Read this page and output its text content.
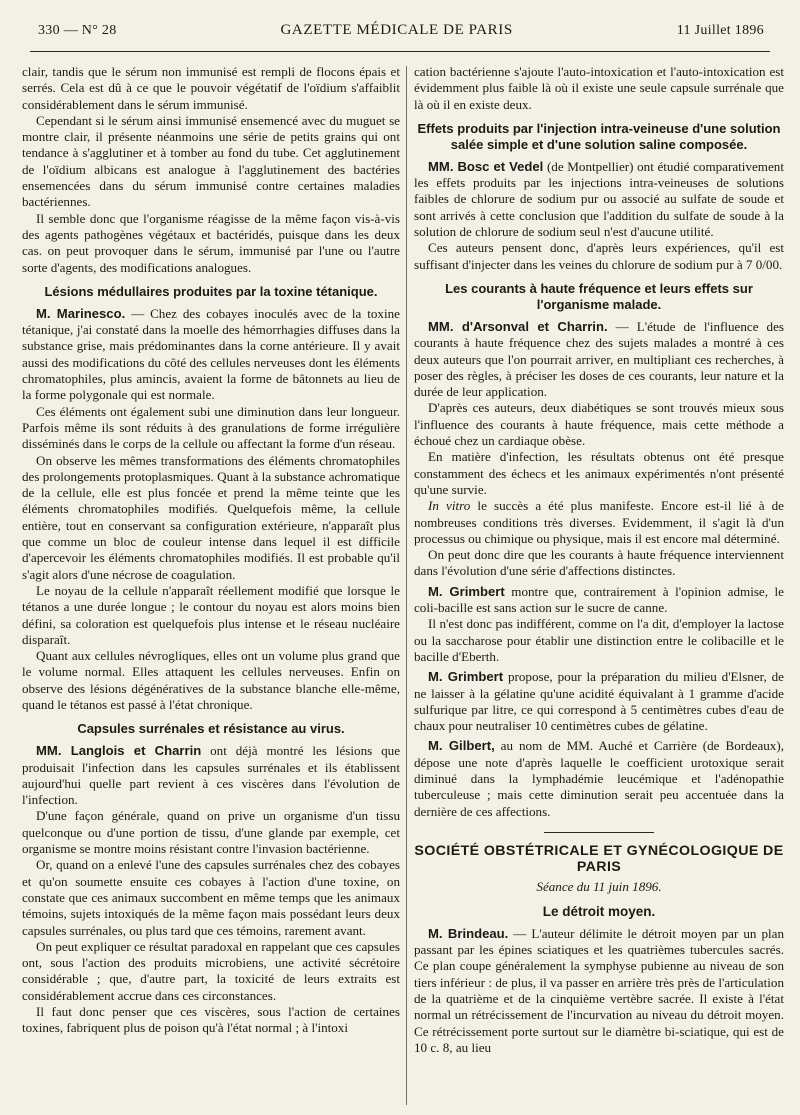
330 — N° 28	GAZETTE MÉDICALE DE PARIS	11 Juillet 1896

clair, tandis que le sérum non immunisé est rempli de flocons épais et serrés. Cela est dû à ce que le pouvoir végétatif de l'oïdium s'affaiblit considérablement dans le sérum immunisé.

Cependant si le sérum ainsi immunisé ensemencé avec du muguet se montre clair, il présente néanmoins une série de petits grains qui ont tendance à s'agglutiner et à tomber au fond du tube. Cet agglutinement de l'oïdium albicans est analogue à l'agglutinement des bactéries ensemencées dans du sérum immunisé contre certaines maladies bactériennes.

Il semble donc que l'organisme réagisse de la même façon vis-à-vis des agents pathogènes végétaux et bactéridés, puisque dans les deux cas. on peut provoquer dans le sérum, immunisé par l'une ou l'autre sorte d'agents, des modifications analogues.

Lésions médullaires produites par la toxine tétanique.

M. Marinesco. — Chez des cobayes inoculés avec de la toxine tétanique, j'ai constaté dans la moelle des hémorrhagies diffuses dans la substance grise, mais prédominantes dans la corne antérieure. Il y avait aussi des modifications du côté des cellules nerveuses dont les éléments chromatophiles, plus amincis, avaient la forme de bâtonnets au lieu de la forme polygonale qui est normale.

Ces éléments ont également subi une diminution dans leur longueur. Parfois même ils sont réduits à des granulations de forme irrégulière disséminés dans le corps de la cellule ou affectant la forme d'un réseau.

On observe les mêmes transformations des éléments chromatophiles des prolongements protoplasmiques. Quant à la substance achromatique de la cellule, elle est plus foncée et prend la même teinte que les éléments chromatophiles modifiés. Quelquefois même, la cellule entière, tout en conservant sa configuration extérieure, n'apparaît plus que comme un bloc de couleur intense dans lequel il est difficile d'apercevoir les éléments chromatophiles modifiés. Il est probable qu'il s'agit alors d'une nécrose de coagulation.

Le noyau de la cellule n'apparaît réellement modifié que lorsque le tétanos a une durée longue ; le contour du noyau est alors moins bien défini, sa coloration est quelquefois plus intense et le réseau nucléaire disparaît.

Quant aux cellules névrogliques, elles ont un volume plus grand que le volume normal. Elles attaquent les cellules nerveuses. Enfin on observe des lésions dégénératives de la substance blanche elle-même, quand le tétanos est passé à l'état chronique.

Capsules surrénales et résistance au virus.

MM. Langlois et Charrin ont déjà montré les lésions que produisait l'infection dans les capsules surrénales et ils établissent aujourd'hui quelle part revient à ces viscères dans l'évolution de l'infection.

D'une façon générale, quand on prive un organisme d'un tissu quelconque ou d'une portion de tissu, d'une glande par exemple, cet organisme se montre moins résistant contre l'invasion bactérienne.

Or, quand on a enlevé l'une des capsules surrénales chez des cobayes et qu'on soumette ensuite ces cobayes à l'action d'une toxine, on constate que ces animaux succombent en même temps que les animaux témoins, sujets intoxiqués de la même façon mais possédant leurs deux capsules surrénales, ou plus tard que ces témoins, rarement avant.

On peut expliquer ce résultat paradoxal en rappelant que ces capsules ont, sous l'action des produits microbiens, une activité sécrétoire considérable ; que, d'autre part, la toxicité de leurs extraits est considérablement accrue dans ces circonstances.

Il faut donc penser que ces viscères, sous l'action de certaines toxines, fabriquent plus de poison qu'à l'état normal ; à l'intoxi

cation bactérienne s'ajoute l'auto-intoxication et l'auto-intoxication est évidemment plus faible là où il existe une seule capsule surrénale que là où il en existe deux.

Effets produits par l'injection intra-veineuse d'une solution salée simple et d'une solution saline composée.

MM. Bosc et Vedel (de Montpellier) ont étudié comparativement les effets produits par les injections intra-veineuses de solutions faibles de chlorure de sodium pur ou associé au sulfate de soude et sont arrivés à cette conclusion que l'addition du sulfate de soude à la solution de chlorure de sodium seul n'est d'aucune utilité.

Ces auteurs pensent donc, d'après leurs expériences, qu'il est suffisant d'injecter dans les veines du chlorure de sodium pur à 7 0/00.

Les courants à haute fréquence et leurs effets sur l'organisme malade.

MM. d'Arsonval et Charrin. — L'étude de l'influence des courants à haute fréquence chez des sujets malades a montré à ces deux auteurs que l'on pourrait arriver, en multipliant ces recherches, à poser des règles, à préciser les doses de ces courants, leur nature et la durée de leur application.

D'après ces auteurs, deux diabétiques se sont trouvés mieux sous l'influence des courants à haute fréquence, mais cette méthode a échoué chez un cardiaque obèse.

En matière d'infection, les résultats obtenus ont été presque constamment des échecs et les animaux expérimentés n'ont présenté qu'une survie.

In vitro le succès a été plus manifeste. Encore est-il lié à de nombreuses conditions très diverses. Evidemment, il s'agit là d'un processus ou chimique ou physique, mais il est encore mal déterminé.

On peut donc dire que les courants à haute fréquence interviennent dans l'évolution d'une série d'affections distinctes.

M. Grimbert montre que, contrairement à l'opinion admise, le coli-bacille est sans action sur le sucre de canne.

Il n'est donc pas indifférent, comme on l'a dit, d'employer la lactose ou la saccharose pour établir une distinction entre le colibacille et le bacille d'Eberth.

M. Grimbert propose, pour la préparation du milieu d'Elsner, de ne laisser à la gélatine qu'une acidité équivalant à 1 gramme d'acide sulfurique par litre, ce qui correspond à 5 centimètres cubes d'eau de chaux pour neutraliser 10 centimètres cubes de gélatine.

M. Gilbert, au nom de MM. Auché et Carrière (de Bordeaux), dépose une note d'après laquelle le coefficient urotoxique serait diminué dans la lymphadémie leucémique et l'adénopathie tuberculeuse ; mais cette diminution serait peu accentuée dans la dernière de ces affections.

SOCIÉTÉ OBSTÉTRICALE ET GYNÉCOLOGIQUE DE PARIS
Séance du 11 juin 1896.
Le détroit moyen.

M. Brindeau. — L'auteur délimite le détroit moyen par un plan passant par les épines sciatiques et les quatrièmes tubercules sacrés. Ce plan coupe généralement la symphyse pubienne au niveau de son tiers inférieur : de plus, il va passer en arrière très près de l'articulation de la quatrième et de la cinquième vertèbre sacrée. Il existe à l'état normal un rétrécissement de l'incurvation au niveau du détroit moyen. Ce rétrécissement porte surtout sur le diamètre bi-sciatique, qui est de 10 c. 8, au lieu
